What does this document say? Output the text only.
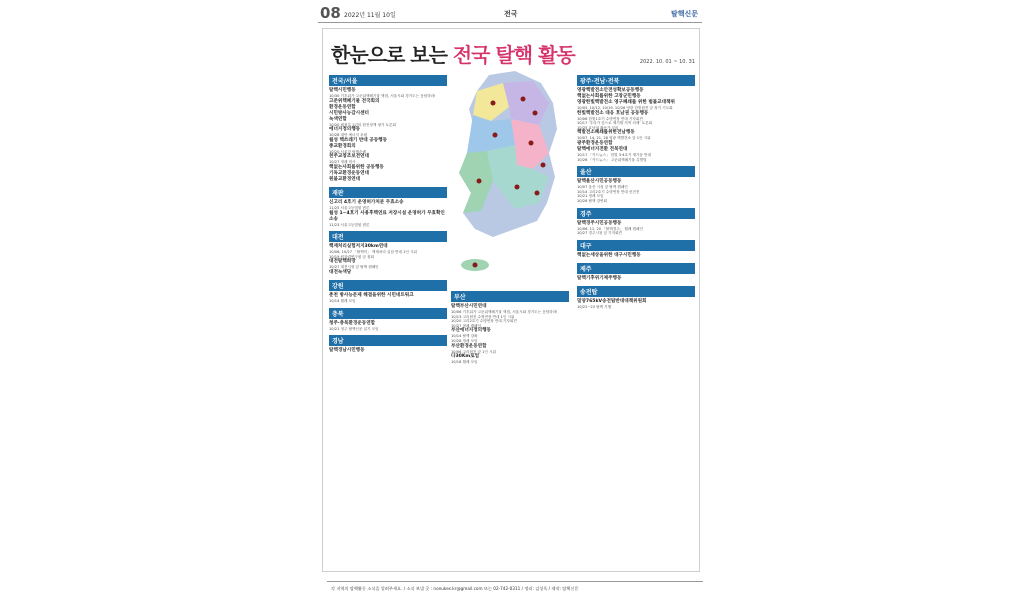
08 2022년 11월 10일	전국	탈핵신문
한눈으로 보는 전국 탈핵 활동	2022. 10. 01 ~ 10. 31
전국/서울
탈핵시민행동
10/30 기후위기·고준위핵폐기물 핵집, 서울시와 경기도는 응답하라!
고준위핵폐기물 전국회의
환경운동연합
시민방사능감시센터
녹색연합
10/20 새정부 1년의 원전정책 평가 토론회
에너지정의행동
10/28 대안 에너지 포럼
월성 핵쓰레기 반대 공동행동
종교환경회의
10/20 서울강 탈핵순례
천주교창조보전연대
10/27 정례 미사
핵없는사회를위한 공동행동
기독교환경운동연대
원불교환경연대
재판
신고리 4호기 운영허가처분 무효소송
11/25 서울고등법원 변론
월성 1~4호기 사용후핵연료 저장시설 운영허가 무효확인소송
11/23 서울고등법원 변론
대전
핵재처리실험저지30km연대
10/06, 10/27 「탈핵이」 핵재처리 실험 반대 1인 시위
10/19 원자력연구원 앞 집회
대전탈핵희망
10/27 대전시청 앞 탈핵 캠페인
대전녹색당
강원
춘천 방사능문제 해결을위한 시민네트워크
10/14 월례 모임
충북
청주·충북환경운동연합
10/21 청주 탈핵신문 읽기 모임
경남
탈핵경남시민행동
부산
탈핵부산시민연대
10/06 기후위기·고준위핵폐기물 핵집, 서울시와 경기도는 응답하라!
10/13 고리원전 수명연장 반대 1인 시위
10/20 고리2호기 수명연장 반대 기자회견
10/27 정례 캠페인
부산에너지정의행동
10/14 탈핵 강좌
10/28 정례 모임
부산환경운동연합
10/06 고리원전 앞 1인 시위
다30Km로업
10/18 월례 모임
광주·전남·전북
영광핵발전소안전성확보공동행동
핵없는사회를위한 고창군민행동
영광한빛핵발전소 영구폐쇄를 위한 범불교대책위
10/05, 10/12, 10/19, 10/26 영광 한빛원전 앞 정기 기도회
한빛핵발전소 대응 호남권 공동행동
10/06 한빛1호기 수명연장 반대 기자회견
10/17 ‘우리가 앞으로 제기할 지역 의제’ 토론회
10/25 호남권 활동가 모임
핵발전소폐쇄를위한전남행동
10/07, 14, 21, 28 영광 핵발전소 앞 1인 시위
광주환경운동연합
탈핵에너지전환 전북연대
10/17 「카드뉴스」 한빛 3·4호기 재가동 반대
10/26 「카드뉴스」 고준위핵폐기물 특별법
울산
탈핵울산시민공동행동
10/07 울산 시청 앞 탈핵 캠페인
10/14 고리2호기 수명연장 반대 선전전
10/21 정례 모임
10/28 탈핵 강연회
경주
탈핵경주시민공동행동
10/06, 11, 20 「탈핵경주」 월례 캠페인
10/27 경주시청 앞 기자회견
대구
핵없는세상을위한 대구시민행동
제주
탈핵기후위기제주행동
송전탑
밀양765kV송전탑반대대책위원회
10/22~23 탈핵 기행
각 지역의 탈핵활동 소식을 알려주세요. / 소식 보낼 곳 : nonukes.kr@gmail.com 또는 02-742-0311 / 정리: 김성욱 / 제작: 탈핵신문
